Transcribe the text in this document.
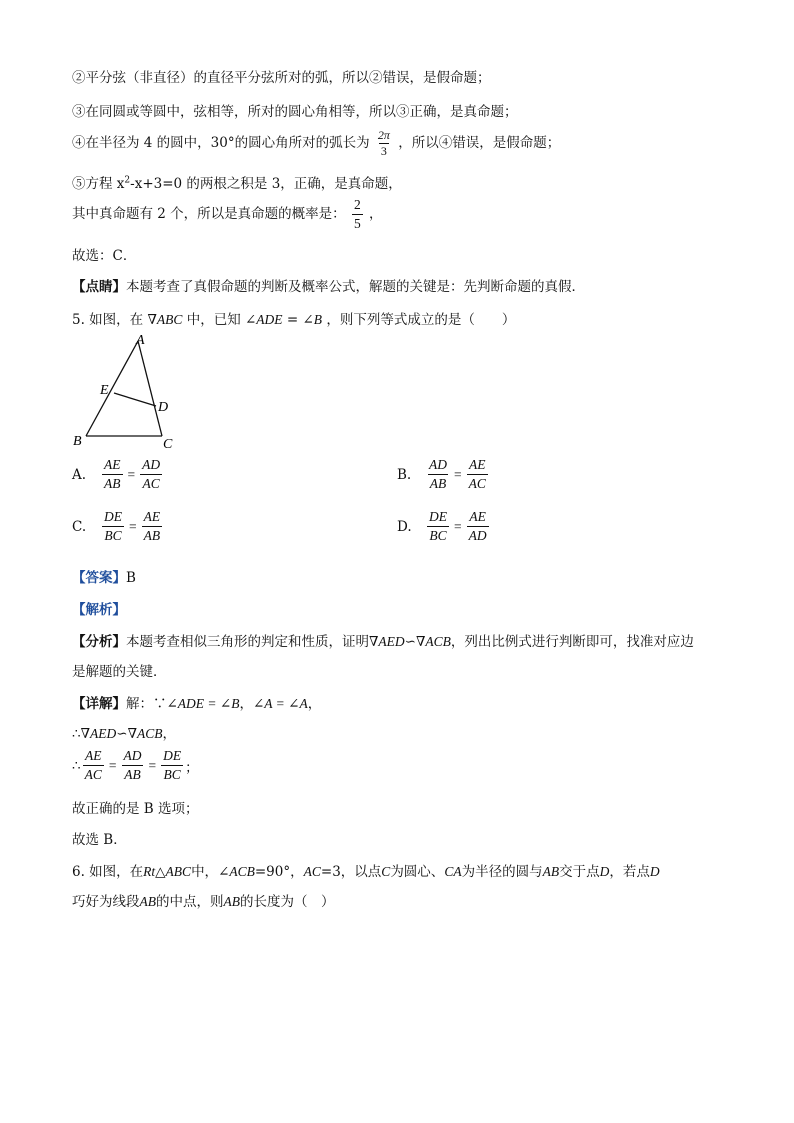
②平分弦（非直径）的直径平分弦所对的弧，所以②错误，是假命题；
③在同圆或等圆中，弦相等，所对的圆心角相等，所以③正确，是真命题；
④在半径为 4 的圆中，30°的圆心角所对的弧长为 $\frac{2\pi}{3}$ ，所以④错误，是假命题；
⑤方程 $x^2-x+3=0$ 的两根之积是 3，正确，是真命题，
其中真命题有 2 个，所以是真命题的概率是： $\frac{2}{5}$ ，
故选：C．
【点睛】本题考查了真假命题的判断及概率公式，解题的关键是：先判断命题的真假．
5. 如图，在 ∇ABC 中，已知 ∠ADE = ∠B ，则下列等式成立的是（　　）
A
E
D
B	C
A.	$\frac{AE}{AB} = \frac{AD}{AC}$	B.	$\frac{AD}{AB} = \frac{AE}{AC}$
C.	$\frac{DE}{BC} = \frac{AE}{AB}$	D.	$\frac{DE}{BC} = \frac{AE}{AD}$
【答案】B
【解析】
【分析】本题考查相似三角形的判定和性质，证明∇AED∽∇ACB，列出比例式进行判断即可，找准对应边
是解题的关键．
【详解】解：∵∠ADE = ∠B，∠A = ∠A，
∴∇AED∽∇ACB，
∴ $\frac{AE}{AC} = \frac{AD}{AB} = \frac{DE}{BC}$ ；
故正确的是 B 选项；
故选 B．
6. 如图，在Rt△ABC中，∠ACB=90°，AC=3，以点C为圆心、CA为半径的圆与AB交于点D，若点D
巧好为线段AB的中点，则AB的长度为（　）
